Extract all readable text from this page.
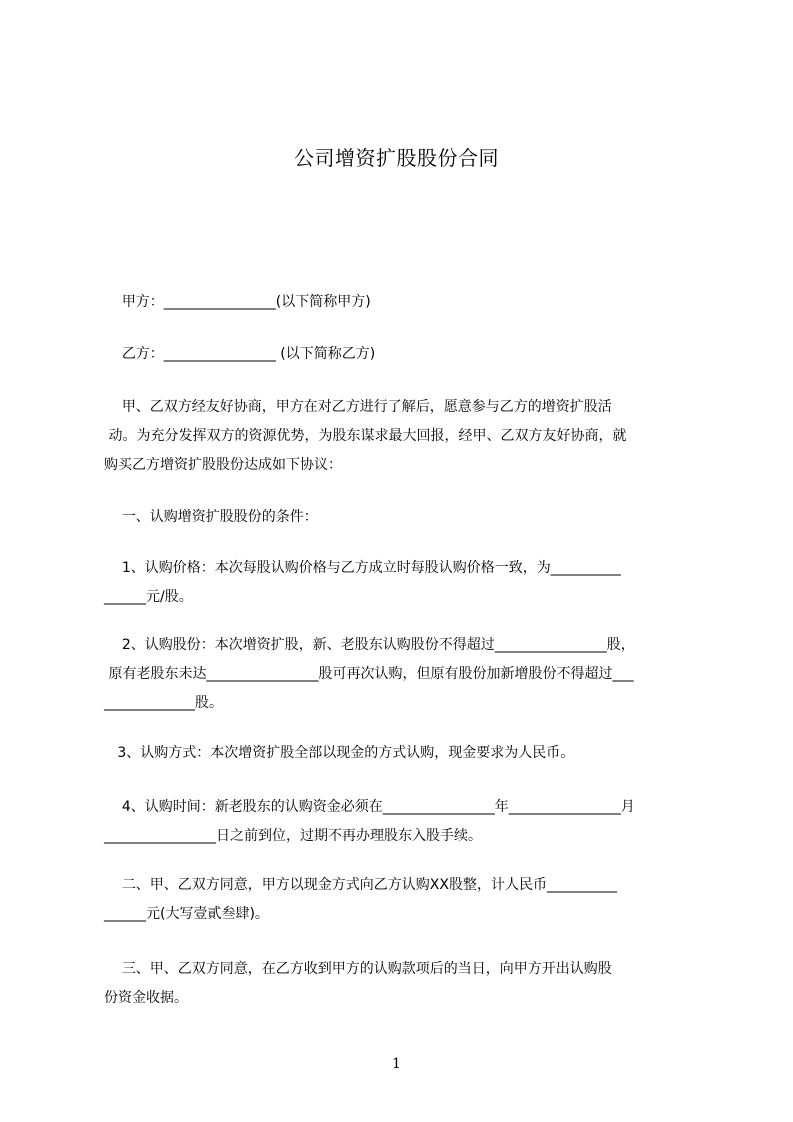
公司增资扩股股份合同
甲方：________________(以下简称甲方)
乙方：________________ (以下简称乙方)
甲、乙双方经友好协商，甲方在对乙方进行了解后，愿意参与乙方的增资扩股活
动。为充分发挥双方的资源优势，为股东谋求最大回报，经甲、乙双方友好协商，就
购买乙方增资扩股股份达成如下协议：
一、认购增资扩股股份的条件：
1、认购价格：本次每股认购价格与乙方成立时每股认购价格一致，为__________
______元/股。
2、认购股份：本次增资扩股，新、老股东认购股份不得超过________________股，
原有老股东未达________________股可再次认购，但原有股份加新增股份不得超过___
_____________股。
3、认购方式：本次增资扩股全部以现金的方式认购，现金要求为人民币。
4、认购时间：新老股东的认购资金必须在________________年________________月
________________日之前到位，过期不再办理股东入股手续。
二、甲、乙双方同意，甲方以现金方式向乙方认购XX股整，计人民币__________
______元(大写壹貳叁肆)。
三、甲、乙双方同意，在乙方收到甲方的认购款项后的当日，向甲方开出认购股
份资金收据。
1
